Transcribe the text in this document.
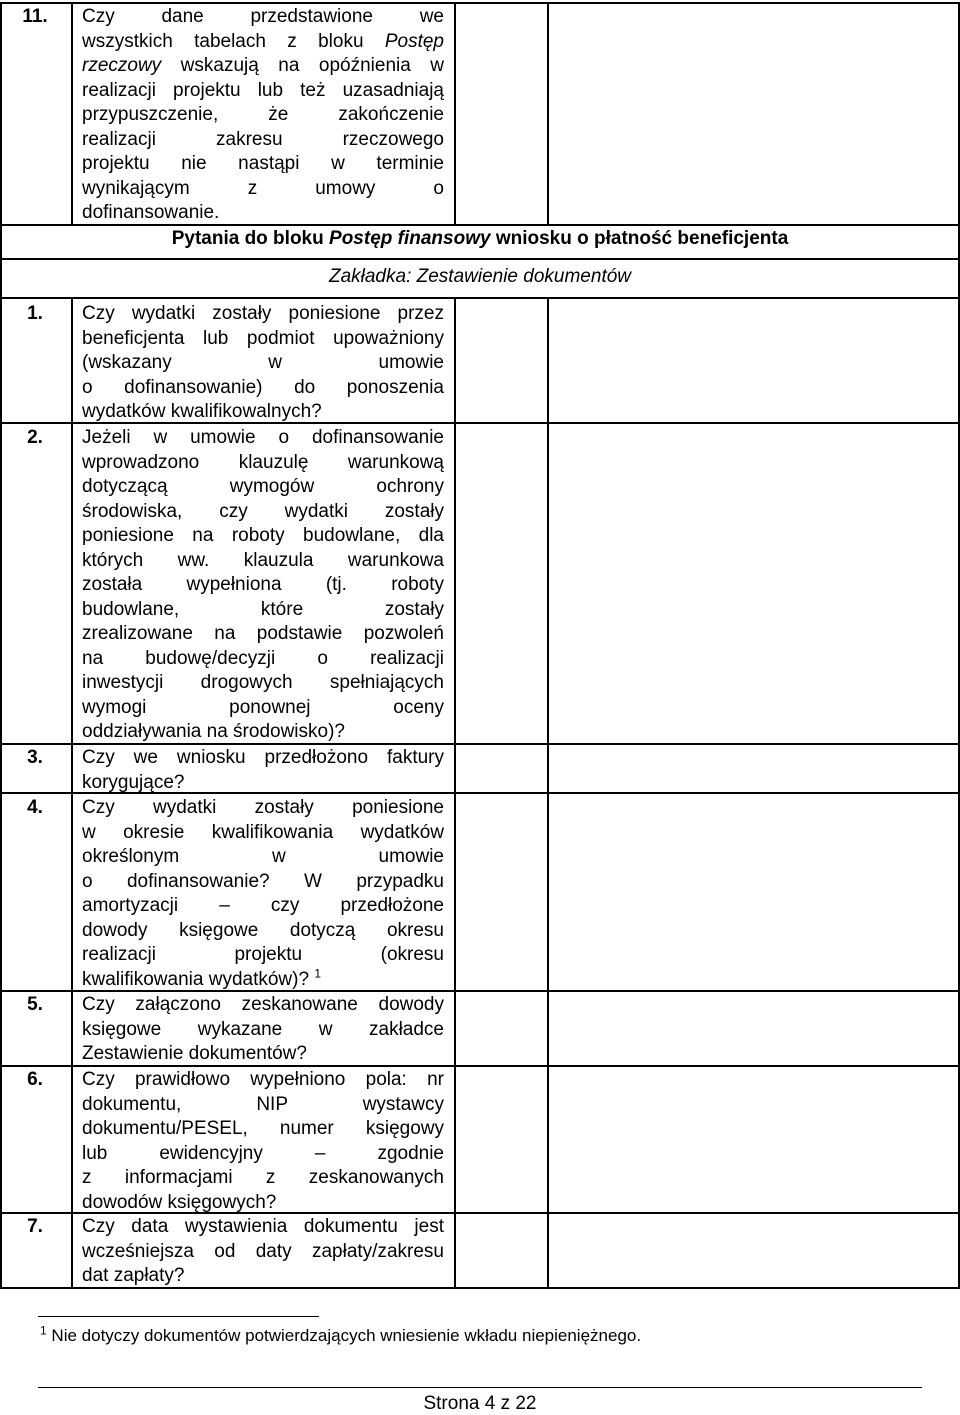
11.	Czy dane przedstawione we
wszystkich tabelach z bloku Postęp
rzeczowy wskazują na opóźnienia w
realizacji projektu lub też uzasadniają
przypuszczenie, że zakończenie
realizacji zakresu rzeczowego
projektu nie nastąpi w terminie
wynikającym z umowy o
dofinansowanie.
Pytania do bloku Postęp finansowy wniosku o płatność beneficjenta
Zakładka: Zestawienie dokumentów
1.	Czy wydatki zostały poniesione przez
beneficjenta lub podmiot upoważniony
(wskazany w umowie
o dofinansowanie) do ponoszenia
wydatków kwalifikowalnych?
2.	Jeżeli w umowie o dofinansowanie
wprowadzono klauzulę warunkową
dotyczącą wymogów ochrony
środowiska, czy wydatki zostały
poniesione na roboty budowlane, dla
których ww. klauzula warunkowa
została wypełniona (tj. roboty
budowlane, które zostały
zrealizowane na podstawie pozwoleń
na budowę/decyzji o realizacji
inwestycji drogowych spełniających
wymogi ponownej oceny
oddziaływania na środowisko)?
3.	Czy we wniosku przedłożono faktury
korygujące?
4.	Czy wydatki zostały poniesione
w okresie kwalifikowania wydatków
określonym w umowie
o dofinansowanie? W przypadku
amortyzacji – czy przedłożone
dowody księgowe dotyczą okresu
realizacji projektu (okresu
kwalifikowania wydatków)? $^1$
5.	Czy załączono zeskanowane dowody
księgowe wykazane w zakładce
Zestawienie dokumentów?
6.	Czy prawidłowo wypełniono pola: nr
dokumentu, NIP wystawcy
dokumentu/PESEL, numer księgowy
lub ewidencyjny – zgodnie
z informacjami z zeskanowanych
dowodów księgowych?
7.	Czy data wystawienia dokumentu jest
wcześniejsza od daty zapłaty/zakresu
dat zapłaty?
$^1$ Nie dotyczy dokumentów potwierdzających wniesienie wkładu niepieniężnego.
Strona 4 z 22
